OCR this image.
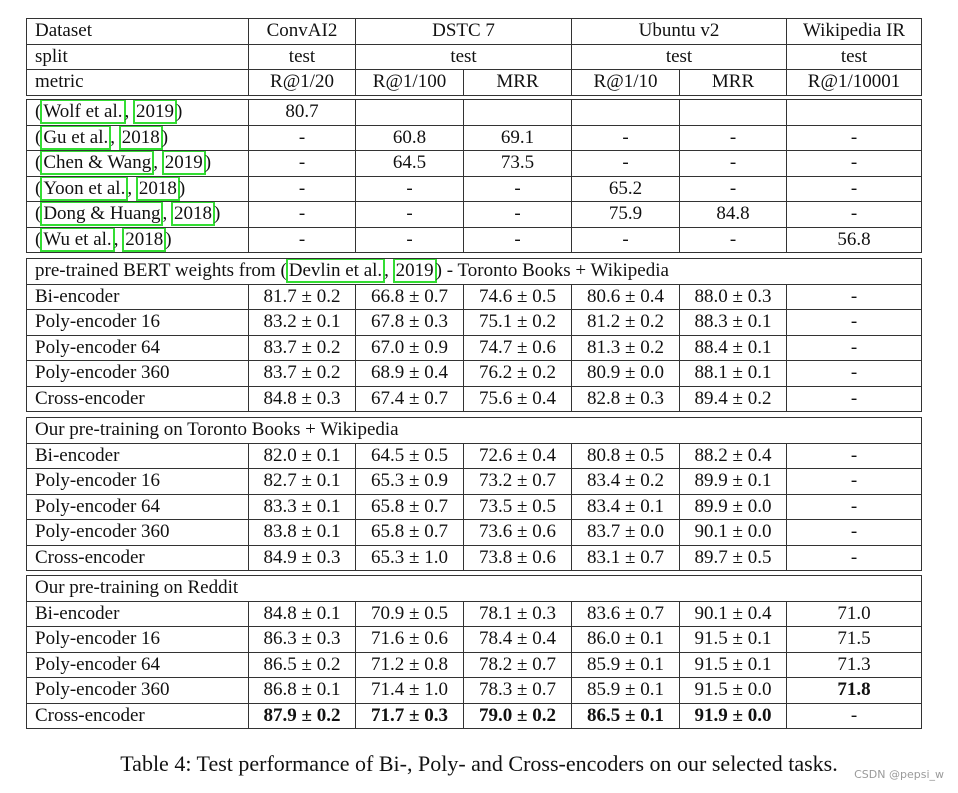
Dataset	ConvAI2	DSTC 7		Ubuntu v2		Wikipedia IR
split	test	test		test		test
metric	R@1/20	R@1/100	MRR	R@1/10	MRR	R@1/10001
( Wolf et al. , 2019 )	80.7					
( Gu et al. , 2018 )	-	60.8	69.1	-	-	-
( Chen & Wang , 2019 )	-	64.5	73.5	-	-	-
( Yoon et al. , 2018 )	-	-	-	65.2	-	-
( Dong & Huang , 2018 )	-	-	-	75.9	84.8	-
( Wu et al. , 2018 )	-	-	-	-	-	56.8
pre-trained BERT weights from ( Devlin et al. , 2019 ) - Toronto Books + Wikipedia						
Bi-encoder	81.7 ± 0.2	66.8 ± 0.7	74.6 ± 0.5	80.6 ± 0.4	88.0 ± 0.3	-
Poly-encoder 16	83.2 ± 0.1	67.8 ± 0.3	75.1 ± 0.2	81.2 ± 0.2	88.3 ± 0.1	-
Poly-encoder 64	83.7 ± 0.2	67.0 ± 0.9	74.7 ± 0.6	81.3 ± 0.2	88.4 ± 0.1	-
Poly-encoder 360	83.7 ± 0.2	68.9 ± 0.4	76.2 ± 0.2	80.9 ± 0.0	88.1 ± 0.1	-
Cross-encoder	84.8 ± 0.3	67.4 ± 0.7	75.6 ± 0.4	82.8 ± 0.3	89.4 ± 0.2	-
Our pre-training on Toronto Books + Wikipedia						
Bi-encoder	82.0 ± 0.1	64.5 ± 0.5	72.6 ± 0.4	80.8 ± 0.5	88.2 ± 0.4	-
Poly-encoder 16	82.7 ± 0.1	65.3 ± 0.9	73.2 ± 0.7	83.4 ± 0.2	89.9 ± 0.1	-
Poly-encoder 64	83.3 ± 0.1	65.8 ± 0.7	73.5 ± 0.5	83.4 ± 0.1	89.9 ± 0.0	-
Poly-encoder 360	83.8 ± 0.1	65.8 ± 0.7	73.6 ± 0.6	83.7 ± 0.0	90.1 ± 0.0	-
Cross-encoder	84.9 ± 0.3	65.3 ± 1.0	73.8 ± 0.6	83.1 ± 0.7	89.7 ± 0.5	-
Our pre-training on Reddit						
Bi-encoder	84.8 ± 0.1	70.9 ± 0.5	78.1 ± 0.3	83.6 ± 0.7	90.1 ± 0.4	71.0
Poly-encoder 16	86.3 ± 0.3	71.6 ± 0.6	78.4 ± 0.4	86.0 ± 0.1	91.5 ± 0.1	71.5
Poly-encoder 64	86.5 ± 0.2	71.2 ± 0.8	78.2 ± 0.7	85.9 ± 0.1	91.5 ± 0.1	71.3
Poly-encoder 360	86.8 ± 0.1	71.4 ± 1.0	78.3 ± 0.7	85.9 ± 0.1	91.5 ± 0.0	71.8
Cross-encoder	87.9 ± 0.2	71.7 ± 0.3	79.0 ± 0.2	86.5 ± 0.1	91.9 ± 0.0	-
Table 4: Test performance of Bi-, Poly- and Cross-encoders on our selected tasks.	CSDN @pepsi_w
